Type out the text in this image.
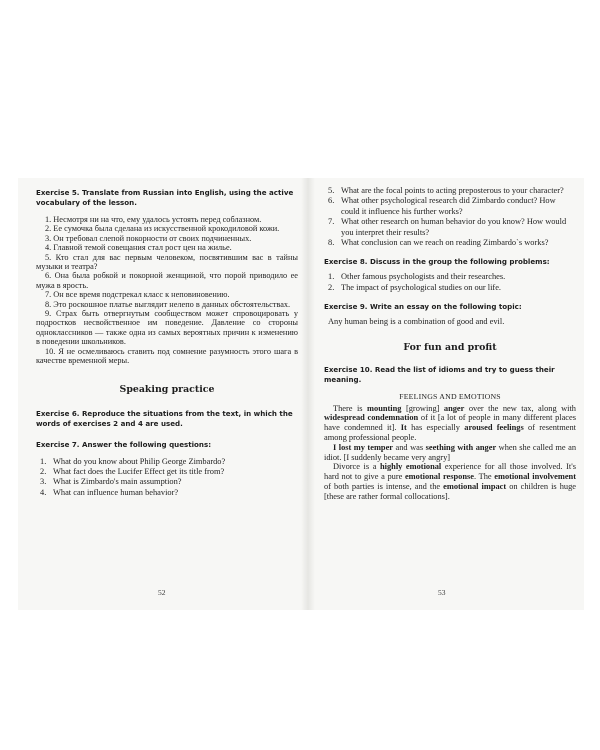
Exercise 5. Translate from Russian into English, using the active vocabulary of the lesson.

1. Несмотря ни на что, ему удалось устоять перед соблазном.

2. Ее сумочка была сделана из искусственной крокодиловой кожи.

3. Он требовал слепой покорности от своих подчиненных.

4. Главной темой совещания стал рост цен на жилье.

5. Кто стал для вас первым человеком, посвятившим вас в тайны музыки и театра?

6. Она была робкой и покорной женщиной, что порой приводило ее мужа в ярость.

7. Он все время подстрекал класс к неповиновению.

8. Это роскошное платье выглядит нелепо в данных обстоятельствах.

9. Страх быть отвергнутым сообществом может спровоцировать у подростков несвойственное им поведение. Давление со стороны одноклассников — также одна из самых вероятных причин к изменению в поведении школьников.

10. Я не осмеливаюсь ставить под сомнение разумность этого шага в качестве временной меры.

Speaking practice

Exercise 6. Reproduce the situations from the text, in which the words of exercises 2 and 4 are used.

Exercise 7. Answer the following questions:

1. What do you know about Philip George Zimbardo?
2. What fact does the Lucifer Effect get its title from?
3. What is Zimbardo's main assumption?
4. What can influence human behavior?
52
5. What are the focal points to acting preposterous to your character?
6. What other psychological research did Zimbardo conduct? How could it influence his further works?
7. What other research on human behavior do you know? How would you interpret their results?
8. What conclusion can we reach on reading Zimbardo`s works?

Exercise 8. Discuss in the group the following problems:

1. Other famous psychologists and their researches.
2. The impact of psychological studies on our life.

Exercise 9. Write an essay on the following topic:

Any human being is a combination of good and evil.

For fun and profit

Exercise 10. Read the list of idioms and try to guess their meaning.

FEELINGS AND EMOTIONS

There is mounting [growing] anger over the new tax, along with widespread condemnation of it [a lot of people in many different places have condemned it]. It has especially aroused feelings of resentment among professional people.

I lost my temper and was seething with anger when she called me an idiot. [I suddenly became very angry]

Divorce is a highly emotional experience for all those involved. It's hard not to give a pure emotional response. The emotional involvement of both parties is intense, and the emotional impact on children is huge [these are rather formal collocations].

53
